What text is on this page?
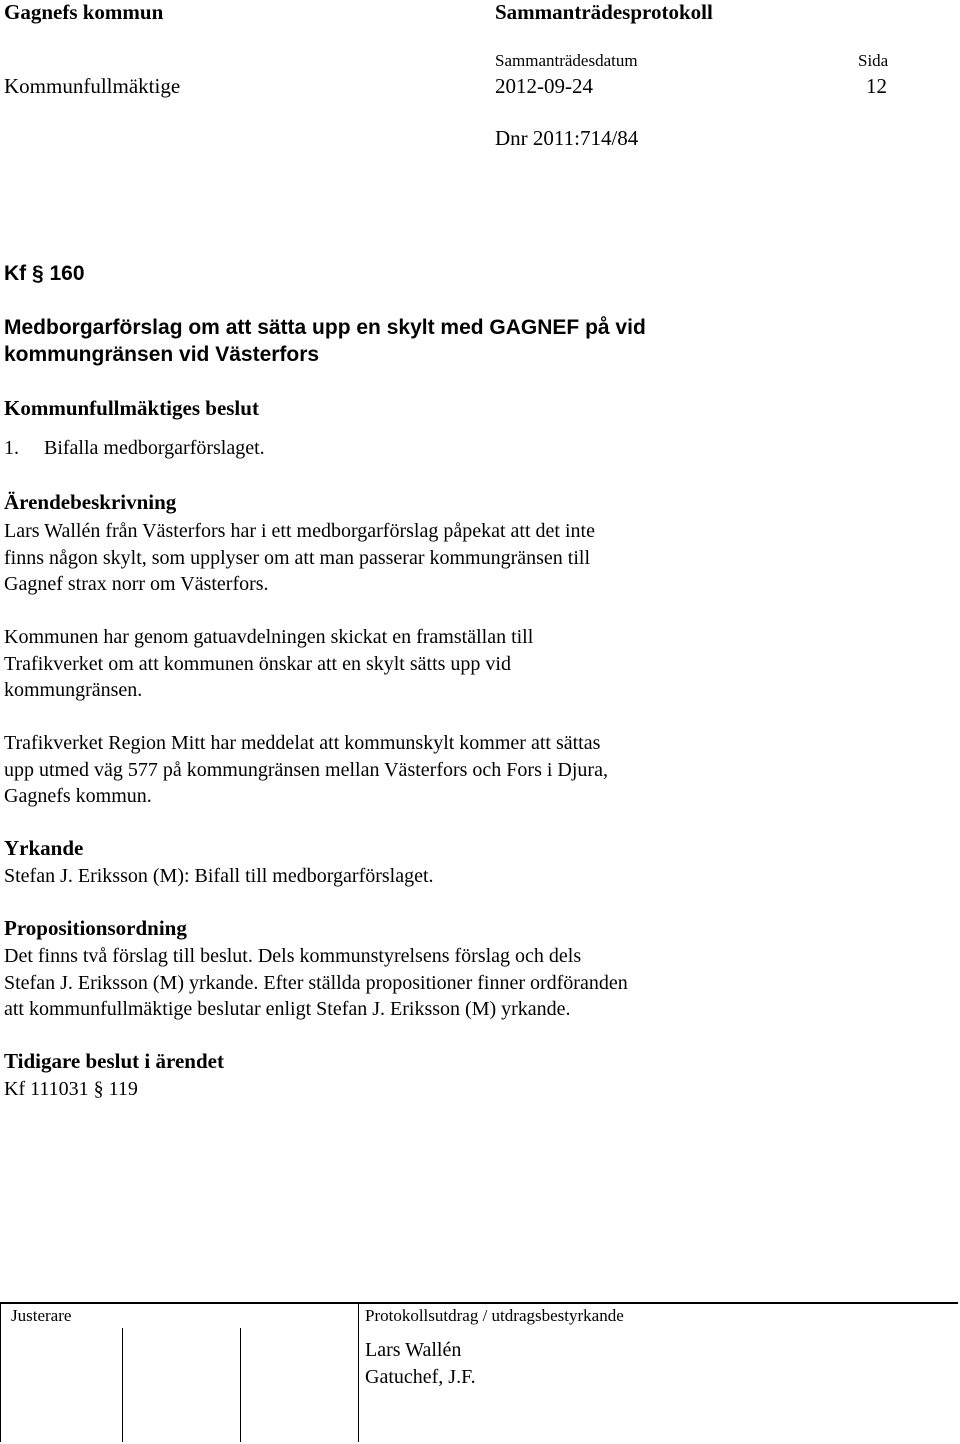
Gagnefs kommun	Sammanträdesprotokoll
Sammanträdesdatum	Sida
Kommunfullmäktige	2012-09-24	12
Dnr 2011:714/84
Kf § 160
Medborgarförslag om att sätta upp en skylt med GAGNEF på vid
kommungränsen vid Västerfors
Kommunfullmäktiges beslut
1. Bifalla medborgarförslaget.
Ärendebeskrivning
Lars Wallén från Västerfors har i ett medborgarförslag påpekat att det inte
finns någon skylt, som upplyser om att man passerar kommungränsen till
Gagnef strax norr om Västerfors.
Kommunen har genom gatuavdelningen skickat en framställan till
Trafikverket om att kommunen önskar att en skylt sätts upp vid
kommungränsen.
Trafikverket Region Mitt har meddelat att kommunskylt kommer att sättas
upp utmed väg 577 på kommungränsen mellan Västerfors och Fors i Djura,
Gagnefs kommun.
Yrkande
Stefan J. Eriksson (M): Bifall till medborgarförslaget.
Propositionsordning
Det finns två förslag till beslut. Dels kommunstyrelsens förslag och dels
Stefan J. Eriksson (M) yrkande. Efter ställda propositioner finner ordföranden
att kommunfullmäktige beslutar enligt Stefan J. Eriksson (M) yrkande.
Tidigare beslut i ärendet
Kf 111031 § 119
Justerare	Protokollsutdrag / utdragsbestyrkande
Lars Wallén
Gatuchef, J.F.
